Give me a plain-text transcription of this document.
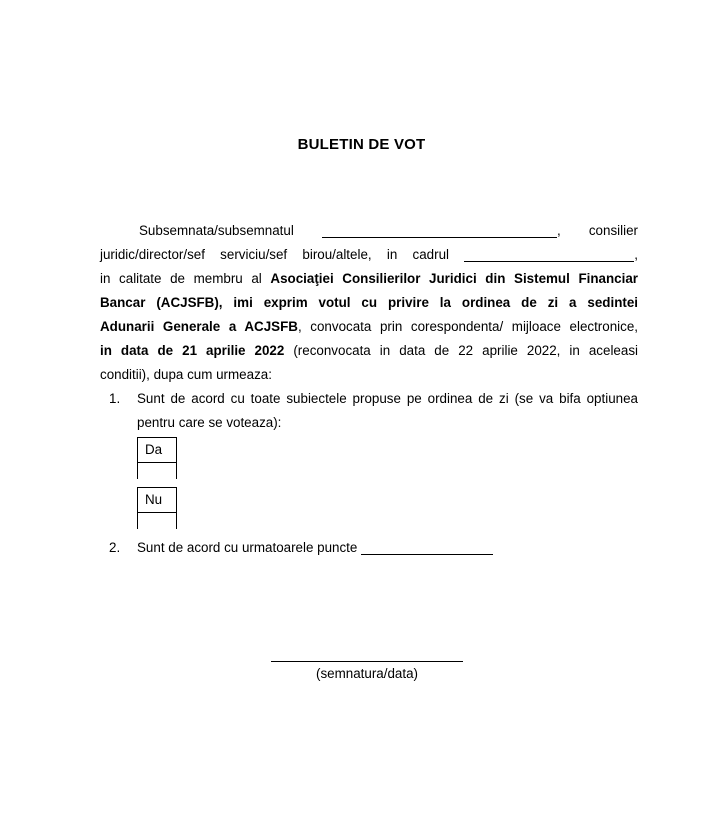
BULETIN DE VOT
Subsemnata/subsemnatul	, consilier
juridic/director/sef serviciu/sef birou/altele, in cadrul	,
in calitate de membru al Asociaţiei Consilierilor Juridici din Sistemul Financiar
Bancar (ACJSFB), imi exprim votul cu privire la ordinea de zi a sedintei
Adunarii Generale a ACJSFB, convocata prin corespondenta/ mijloace electronice,
in data de 21 aprilie 2022 (reconvocata in data de 22 aprilie 2022, in aceleasi
conditii), dupa cum urmeaza:
1. Sunt de acord cu toate subiectele propuse pe ordinea de zi (se va bifa optiunea
pentru care se voteaza):
Da
Nu
2. Sunt de acord cu urmatoarele puncte
(semnatura/data)
